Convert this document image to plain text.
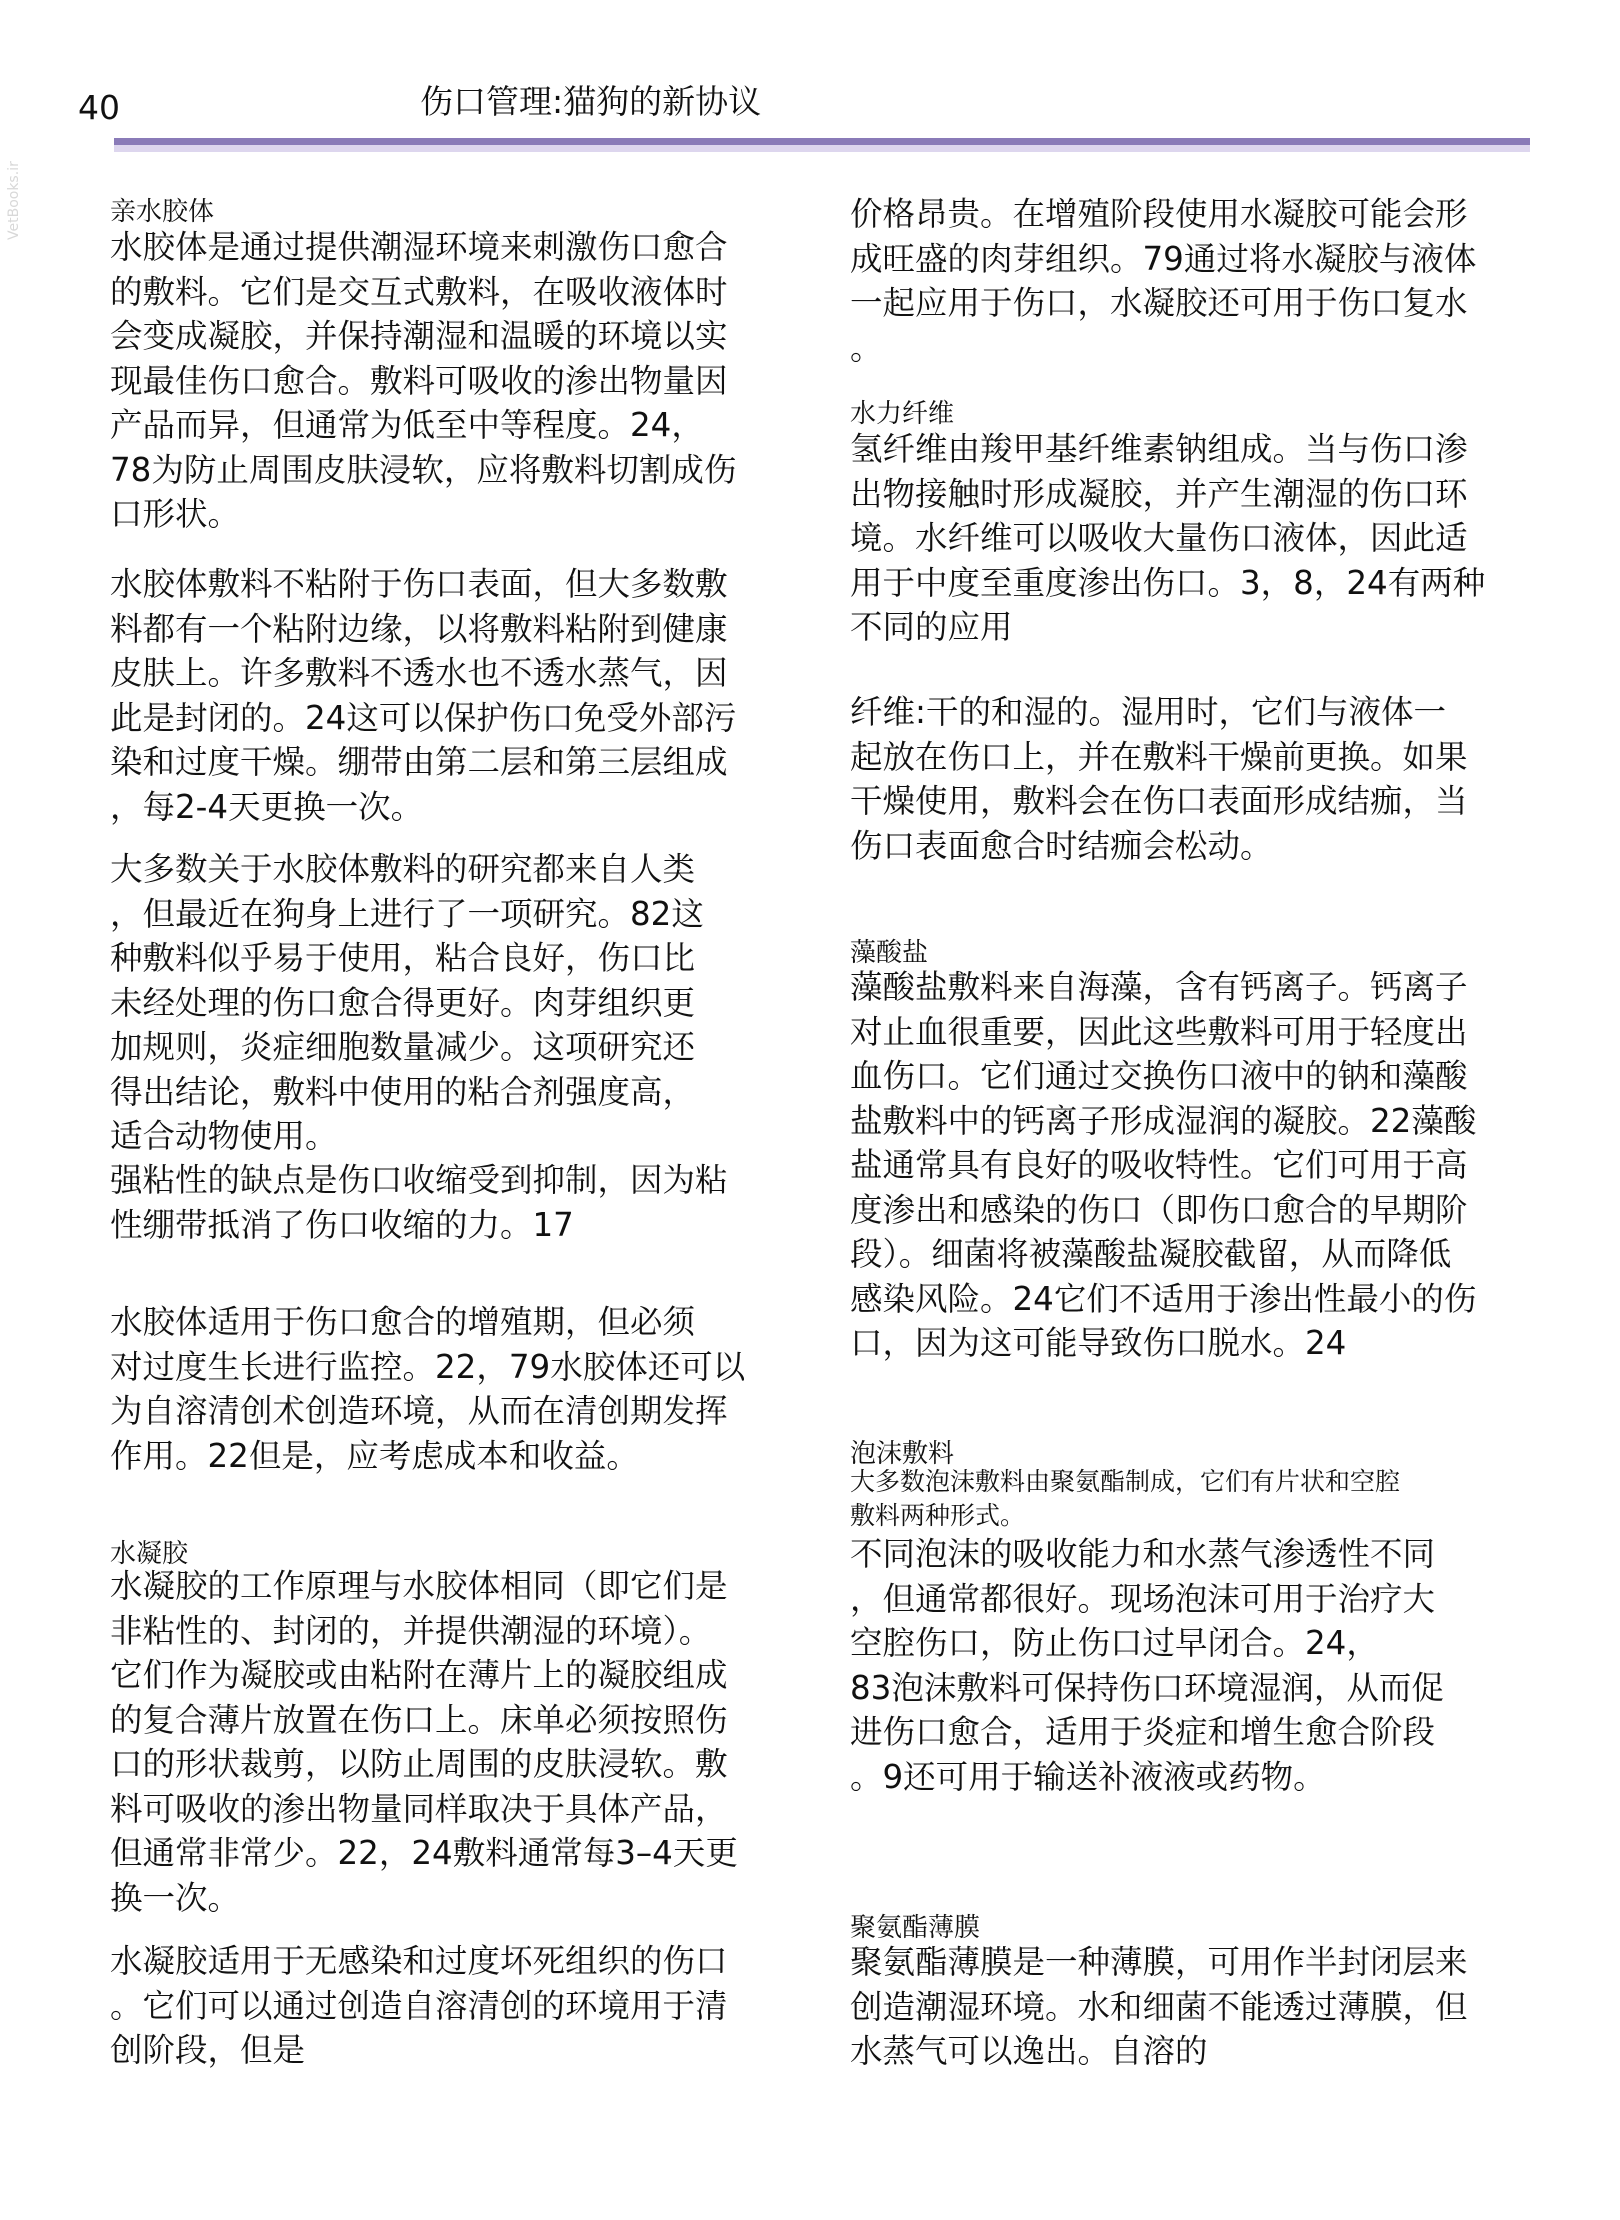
40	伤口管理:猫狗的新协议
VetBooks.ir	亲水胶体
水胶体是通过提供潮湿环境来刺激伤口愈合
的敷料。它们是交互式敷料，在吸收液体时
会变成凝胶，并保持潮湿和温暖的环境以实
现最佳伤口愈合。敷料可吸收的渗出物量因
产品而异，但通常为低至中等程度。24，
78为防止周围皮肤浸软，应将敷料切割成伤
口形状。
水胶体敷料不粘附于伤口表面，但大多数敷
料都有一个粘附边缘，以将敷料粘附到健康
皮肤上。许多敷料不透水也不透水蒸气，因
此是封闭的。24这可以保护伤口免受外部污
染和过度干燥。绷带由第二层和第三层组成
，每2-4天更换一次。
大多数关于水胶体敷料的研究都来自人类
，但最近在狗身上进行了一项研究。82这
种敷料似乎易于使用，粘合良好，伤口比
未经处理的伤口愈合得更好。肉芽组织更
加规则，炎症细胞数量减少。这项研究还
得出结论，敷料中使用的粘合剂强度高，
适合动物使用。
强粘性的缺点是伤口收缩受到抑制，因为粘
性绷带抵消了伤口收缩的力。17
水胶体适用于伤口愈合的增殖期，但必须
对过度生长进行监控。22，79水胶体还可以
为自溶清创术创造环境，从而在清创期发挥
作用。22但是，应考虑成本和收益。
水凝胶
水凝胶的工作原理与水胶体相同（即它们是
非粘性的、封闭的，并提供潮湿的环境）。
它们作为凝胶或由粘附在薄片上的凝胶组成
的复合薄片放置在伤口上。床单必须按照伤
口的形状裁剪，以防止周围的皮肤浸软。敷
料可吸收的渗出物量同样取决于具体产品，
但通常非常少。22，24敷料通常每3–4天更
换一次。
水凝胶适用于无感染和过度坏死组织的伤口
。它们可以通过创造自溶清创的环境用于清
创阶段，但是
价格昂贵。在增殖阶段使用水凝胶可能会形
成旺盛的肉芽组织。79通过将水凝胶与液体
一起应用于伤口，水凝胶还可用于伤口复水
。
水力纤维
氢纤维由羧甲基纤维素钠组成。当与伤口渗
出物接触时形成凝胶，并产生潮湿的伤口环
境。水纤维可以吸收大量伤口液体，因此适
用于中度至重度渗出伤口。3，8，24有两种
不同的应用
纤维:干的和湿的。湿用时，它们与液体一
起放在伤口上，并在敷料干燥前更换。如果
干燥使用，敷料会在伤口表面形成结痂，当
伤口表面愈合时结痂会松动。
藻酸盐
藻酸盐敷料来自海藻，含有钙离子。钙离子
对止血很重要，因此这些敷料可用于轻度出
血伤口。它们通过交换伤口液中的钠和藻酸
盐敷料中的钙离子形成湿润的凝胶。22藻酸
盐通常具有良好的吸收特性。它们可用于高
度渗出和感染的伤口（即伤口愈合的早期阶
段）。细菌将被藻酸盐凝胶截留，从而降低
感染风险。24它们不适用于渗出性最小的伤
口，因为这可能导致伤口脱水。24
泡沫敷料
大多数泡沫敷料由聚氨酯制成，它们有片状和空腔
敷料两种形式。
不同泡沫的吸收能力和水蒸气渗透性不同
，但通常都很好。现场泡沫可用于治疗大
空腔伤口，防止伤口过早闭合。24，
83泡沫敷料可保持伤口环境湿润，从而促
进伤口愈合，适用于炎症和增生愈合阶段
。9还可用于输送补液液或药物。
聚氨酯薄膜
聚氨酯薄膜是一种薄膜，可用作半封闭层来
创造潮湿环境。水和细菌不能透过薄膜，但
水蒸气可以逸出。自溶的
